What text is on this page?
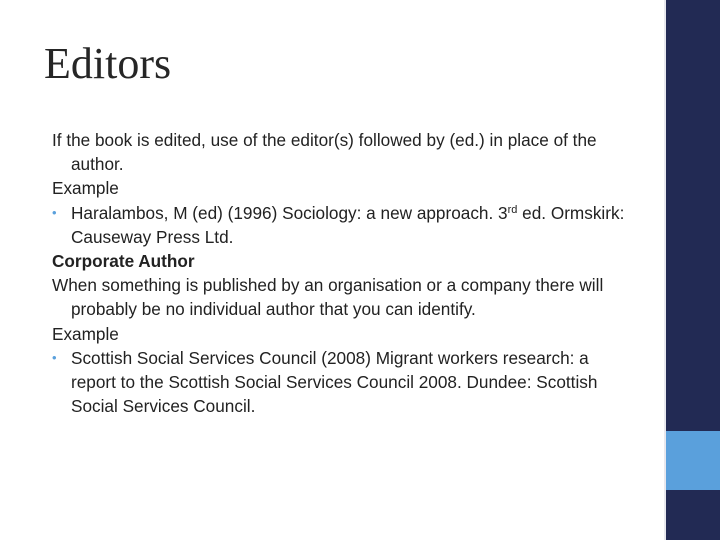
Editors

If the book is edited, use of the editor(s) followed by (ed.) in place of the author.

Example

• Haralambos, M (ed) (1996) Sociology: a new approach. 3rd ed. Ormskirk: Causeway Press Ltd.

Corporate Author

When something is published by an organisation or a company there will probably be no individual author that you can identify.

Example

• Scottish Social Services Council (2008) Migrant workers research: a report to the Scottish Social Services Council 2008. Dundee: Scottish Social Services Council.
